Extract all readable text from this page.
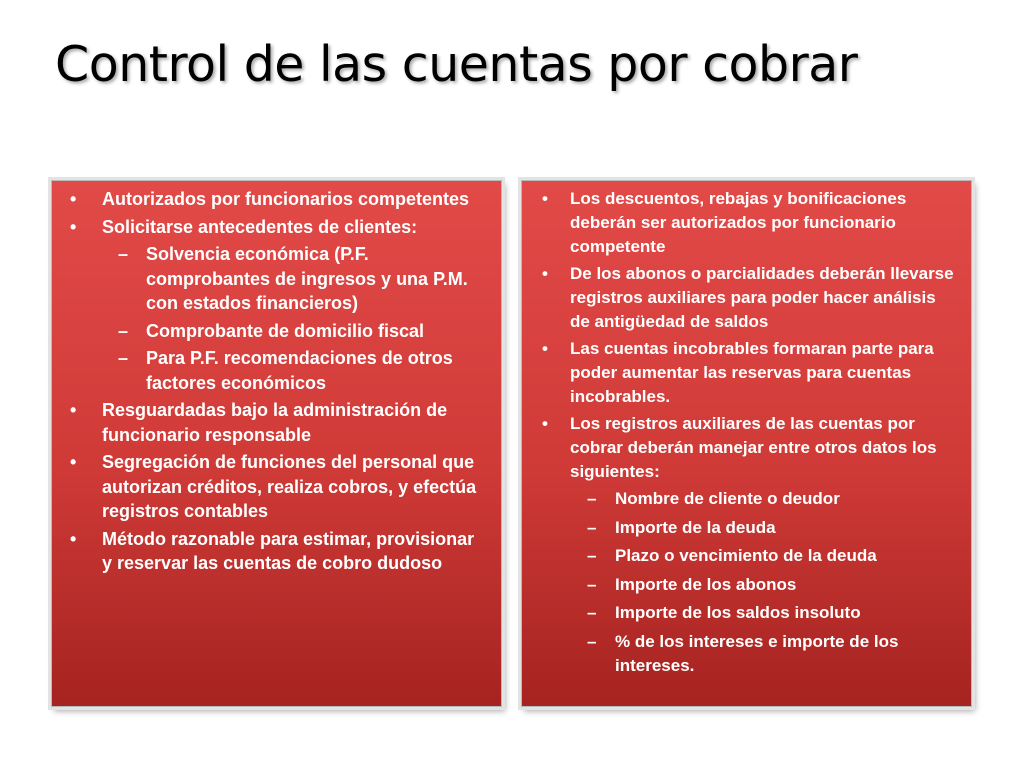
Control de las cuentas por cobrar
• Autorizados por funcionarios competentes
• Solicitarse antecedentes de clientes:
– Solvencia económica (P.F. comprobantes de ingresos y una P.M. con estados financieros)
– Comprobante de domicilio fiscal
– Para P.F. recomendaciones de otros factores económicos
• Resguardadas bajo la administración de funcionario responsable
• Segregación de funciones del personal que autorizan créditos, realiza cobros, y efectúa registros contables
• Método razonable para estimar, provisionar y reservar las cuentas de cobro dudoso
• Los descuentos, rebajas y bonificaciones deberán ser autorizados por funcionario competente
• De los abonos o parcialidades deberán llevarse registros auxiliares para poder hacer análisis de antigüedad de saldos
• Las cuentas incobrables formaran parte para poder aumentar las reservas para cuentas incobrables.
• Los registros auxiliares de las cuentas por cobrar deberán manejar entre otros datos los siguientes:
– Nombre de cliente o deudor
– Importe de la deuda
– Plazo o vencimiento de la deuda
– Importe de los abonos
– Importe de los saldos insoluto
– % de los intereses e importe de los intereses.
